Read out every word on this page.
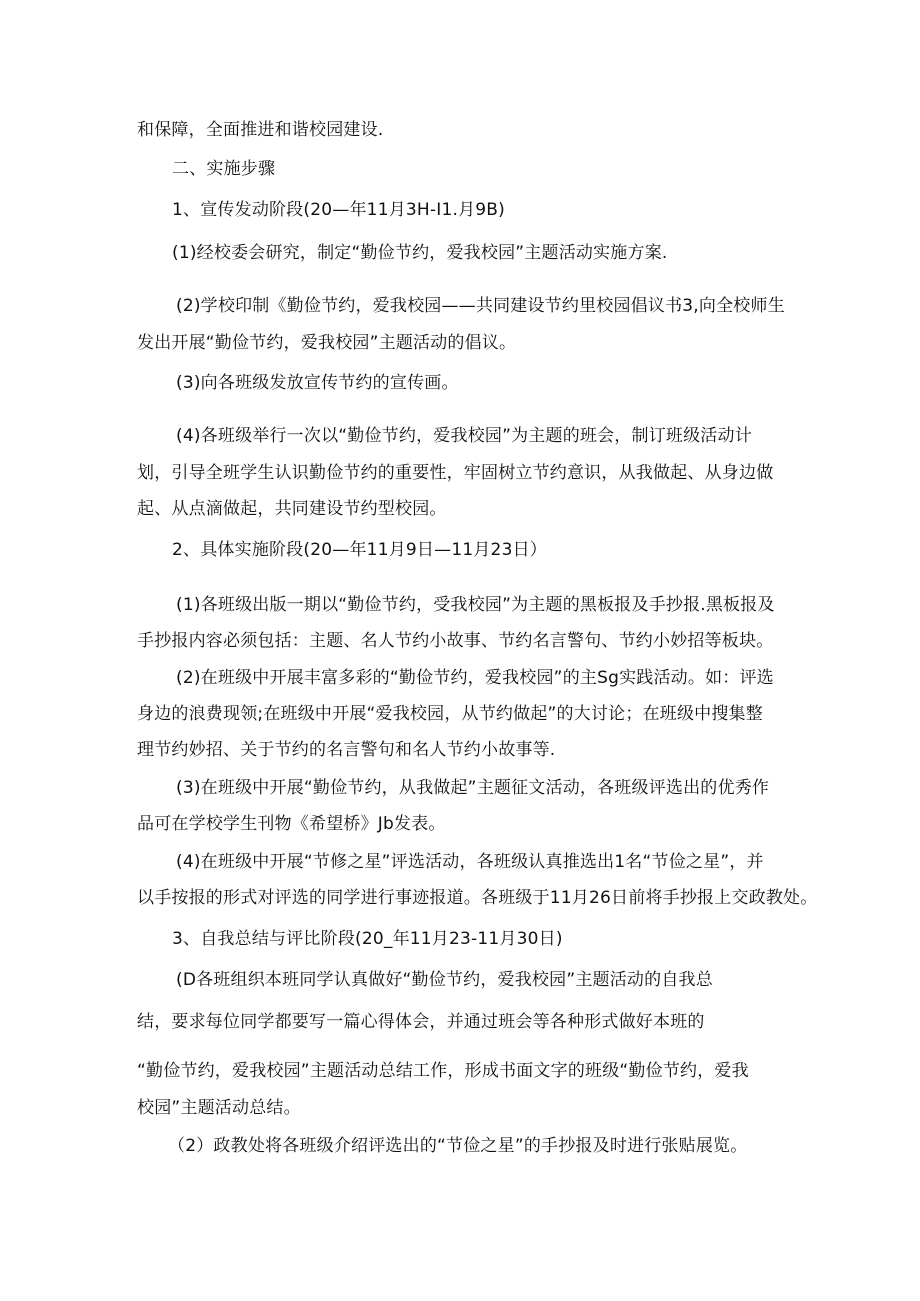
和保障，全面推进和谐校园建设.

二、实施步骤

1、宣传发动阶段(20—年11月3H-I1.月9B)

(1)经校委会研究，制定“勤俭节约，爱我校园”主题活动实施方案.

(2)学校印制《勤俭节约，爱我校园——共同建设节约里校园倡议书3,向全校师生

发出开展“勤俭节约，爱我校园”主题活动的倡议。

(3)向各班级发放宣传节约的宣传画。

(4)各班级举行一次以“勤俭节约，爱我校园”为主题的班会，制订班级活动计

划，引导全班学生认识勤俭节约的重要性，牢固树立节约意识，从我做起、从身边做

起、从点滴做起，共同建设节约型校园。

2、具体实施阶段(20—年11月9日—11月23日）

(1)各班级出版一期以“勤俭节约，受我校园”为主题的黑板报及手抄报.黑板报及

手抄报内容必须包括：主题、名人节约小故事、节约名言警句、节约小妙招等板块。

(2)在班级中开展丰富多彩的“勤俭节约，爱我校园”的主Sg实践活动。如：评选

身边的浪费现领;在班级中开展“爱我校园，从节约做起”的大讨论；在班级中搜集整

理节约妙招、关于节约的名言警句和名人节约小故事等.

(3)在班级中开展“勤俭节约，从我做起”主题征文活动，各班级评选出的优秀作

品可在学校学生刊物《希望桥》Jb发表。

(4)在班级中开展“节修之星”评选活动，各班级认真推选出1名“节俭之星”，并

以手按报的形式对评选的同学进行事迹报道。各班级于11月26日前将手抄报上交政教处。

3、自我总结与评比阶段(20_年11月23-11月30日)

(D各班组织本班同学认真做好“勤俭节约，爱我校园”主题活动的自我总

结，要求每位同学都要写一篇心得体会，并通过班会等各种形式做好本班的

“勤俭节约，爱我校园”主题活动总结工作，形成书面文字的班级“勤俭节约，爱我

校园”主题活动总结。

（2）政教处将各班级介绍评选出的“节俭之星”的手抄报及时进行张贴展览。
